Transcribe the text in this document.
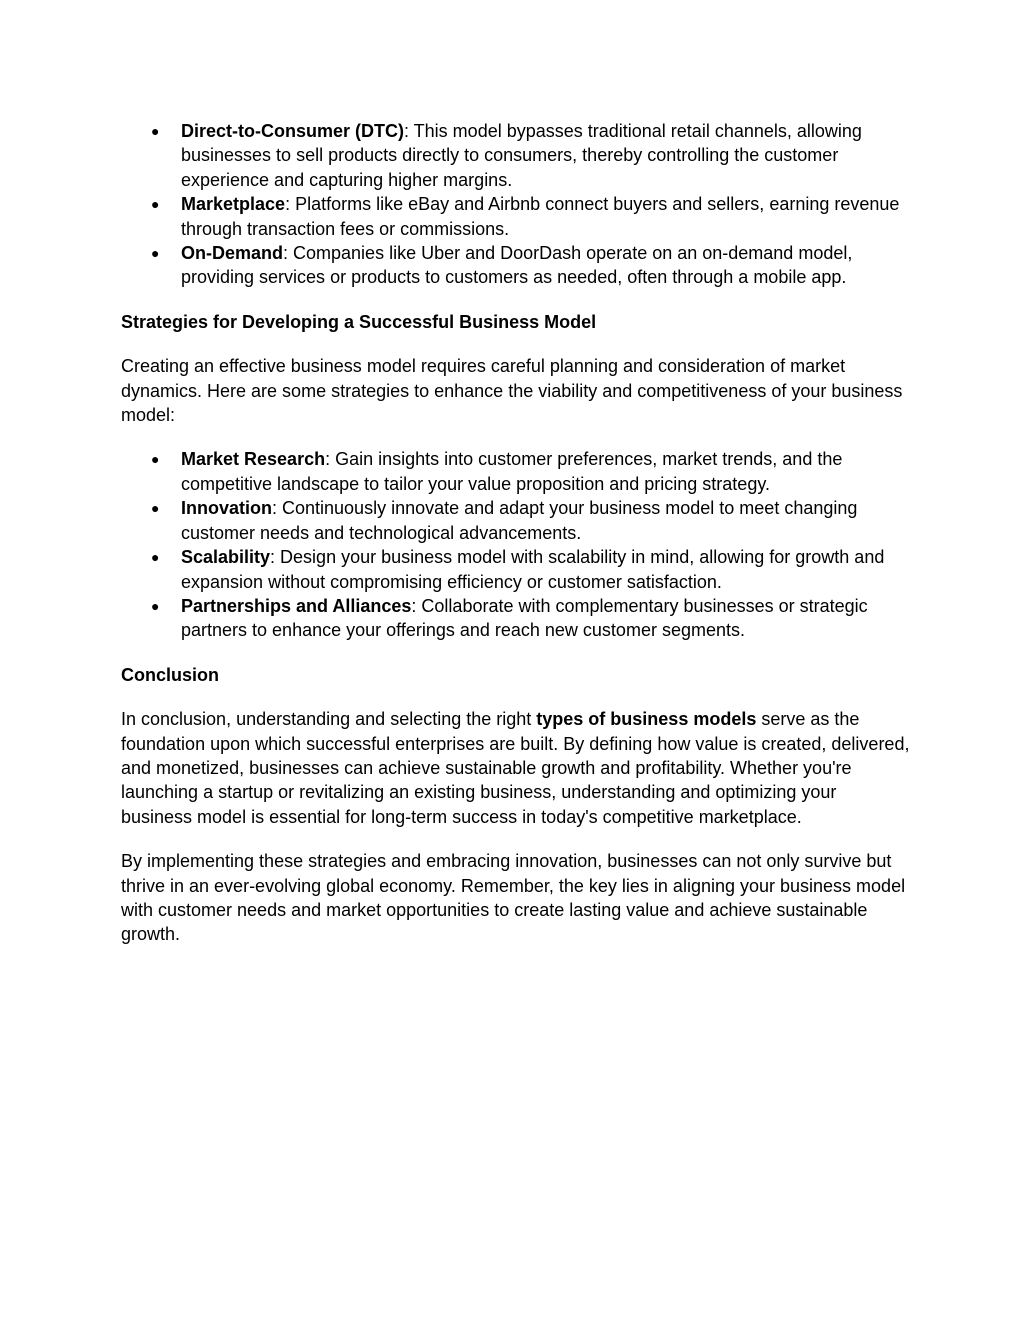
● Direct-to-Consumer (DTC): This model bypasses traditional retail channels, allowing businesses to sell products directly to consumers, thereby controlling the customer experience and capturing higher margins.
● Marketplace: Platforms like eBay and Airbnb connect buyers and sellers, earning revenue through transaction fees or commissions.
● On-Demand: Companies like Uber and DoorDash operate on an on-demand model, providing services or products to customers as needed, often through a mobile app.

Strategies for Developing a Successful Business Model

Creating an effective business model requires careful planning and consideration of market dynamics. Here are some strategies to enhance the viability and competitiveness of your business model:

● Market Research: Gain insights into customer preferences, market trends, and the competitive landscape to tailor your value proposition and pricing strategy.
● Innovation: Continuously innovate and adapt your business model to meet changing customer needs and technological advancements.
● Scalability: Design your business model with scalability in mind, allowing for growth and expansion without compromising efficiency or customer satisfaction.
● Partnerships and Alliances: Collaborate with complementary businesses or strategic partners to enhance your offerings and reach new customer segments.

Conclusion

In conclusion, understanding and selecting the right types of business models serve as the foundation upon which successful enterprises are built. By defining how value is created, delivered, and monetized, businesses can achieve sustainable growth and profitability. Whether you're launching a startup or revitalizing an existing business, understanding and optimizing your business model is essential for long-term success in today's competitive marketplace.

By implementing these strategies and embracing innovation, businesses can not only survive but thrive in an ever-evolving global economy. Remember, the key lies in aligning your business model with customer needs and market opportunities to create lasting value and achieve sustainable growth.
